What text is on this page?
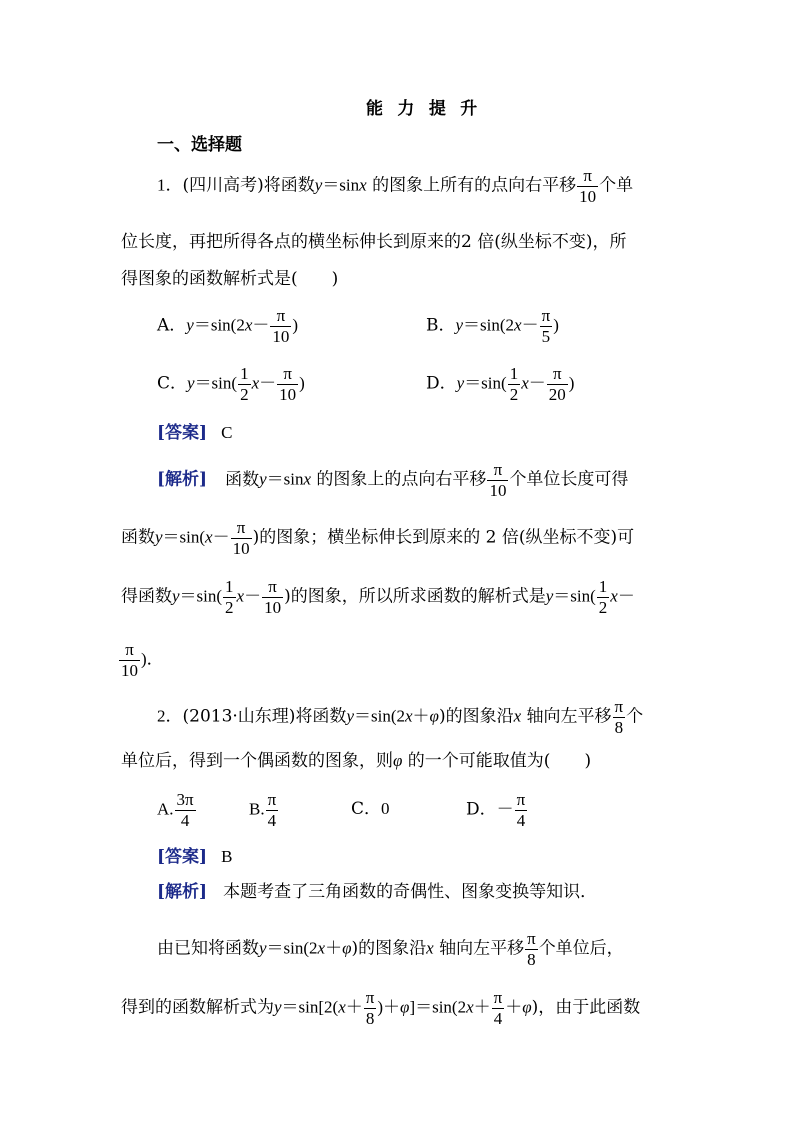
能 力 提 升
一、选择题
1．(四川高考)将函数y＝sinx 的图象上所有的点向右平移 $\frac{\pi}{10}$ 个单
位长度，再把所得各点的横坐标伸长到原来的2 倍(纵坐标不变)，所
得图象的函数解析式是(　　)
A．$y=\sin(2x- \frac{\pi}{10}$ )	B．$y=\sin(2x- \frac{\pi}{5}$ )
C．$y=\sin( \frac{1}{2} x- \frac{\pi}{10}$ )	D．$y=\sin( \frac{1}{2} x- \frac{\pi}{20}$ )
[答案] C
[解析] 函数y＝sinx 的图象上的点向右平移 $\frac{\pi}{10}$ 个单位长度可得
函数$y=\sin(x- \frac{\pi}{10}$ )的图象；横坐标伸长到原来的 2 倍(纵坐标不变)可
得函数$y=\sin( \frac{1}{2} x- \frac{\pi}{10}$ )的图象，所以所求函数的解析式是$y=\sin( \frac{1}{2} x-$
$\frac{\pi}{10}$ )．
2．(2013·山东理)将函数y＝sin(2x＋φ)的图象沿x 轴向左平移 $\frac{\pi}{8}$ 个
单位后，得到一个偶函数的图象，则φ 的一个可能取值为(　　)
A. $\frac{3\pi}{4}$	B. $\frac{\pi}{4}$	C．0	D．－ $\frac{\pi}{4}$
[答案] B
[解析] 本题考查了三角函数的奇偶性、图象变换等知识．
由已知将函数y＝sin(2x＋φ)的图象沿x 轴向左平移 $\frac{\pi}{8}$ 个单位后，
得到的函数解析式为$y=\sin[2(x+ \frac{\pi}{8} )+\varphi]=\sin(2x+ \frac{\pi}{4} +\varphi)$，由于此函数
